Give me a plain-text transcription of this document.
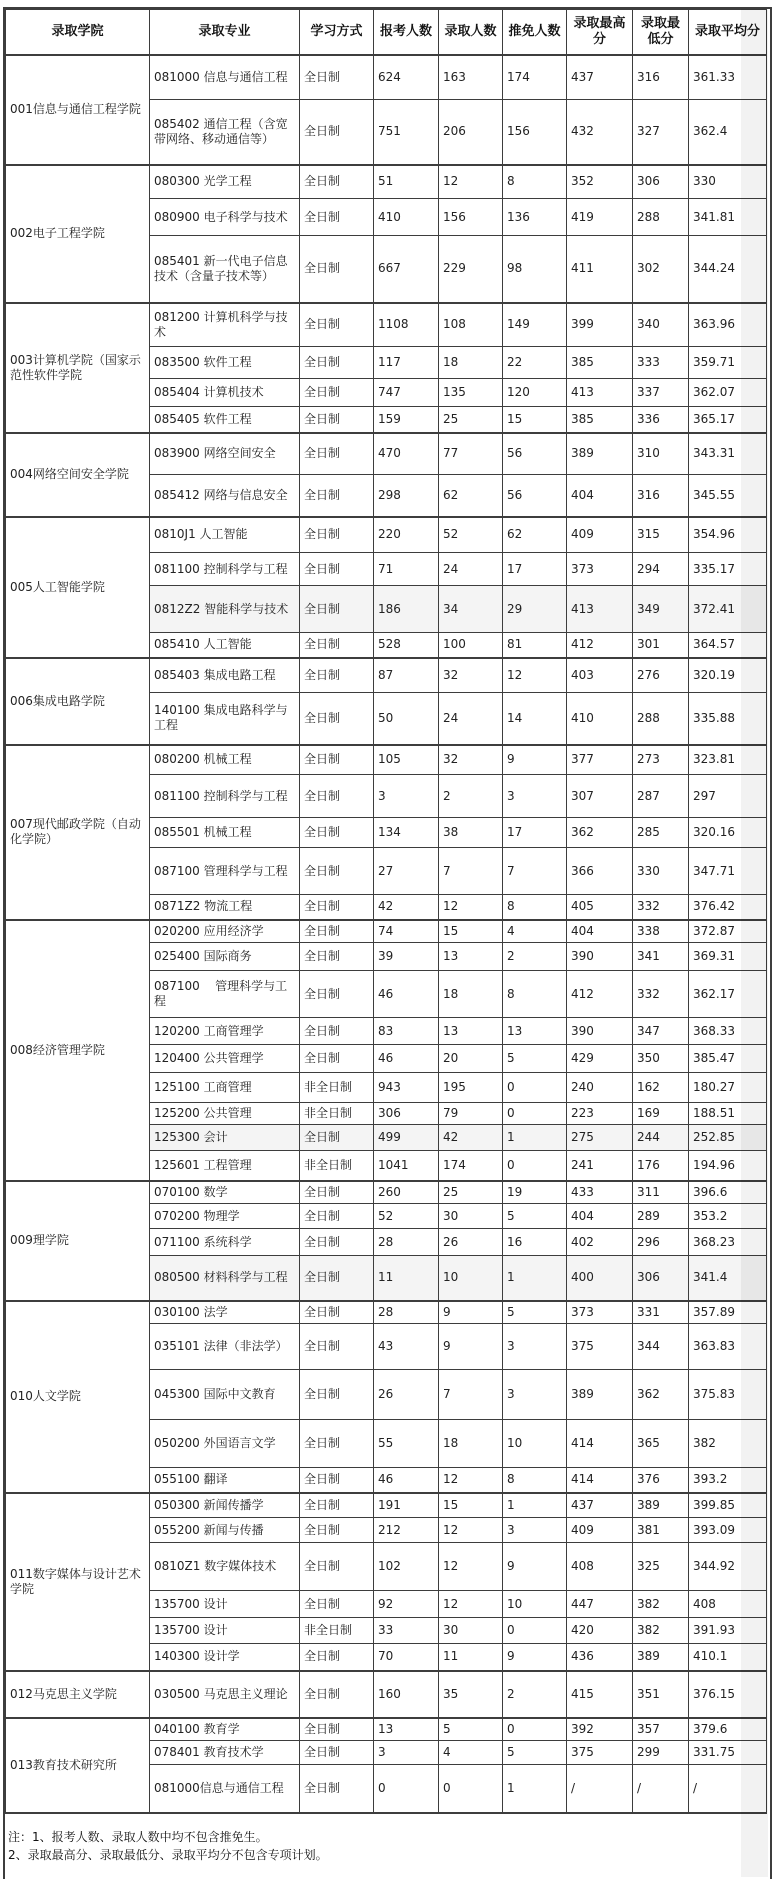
录取学院	录取专业	学习方式	报考人数	录取人数	推免人数	录取最高分	录取最低分	录取平均分
001信息与通信工程学院	081000 信息与通信工程	全日制	624	163	174	437	316	361.33
	085402 通信工程（含宽带网络、移动通信等）	全日制	751	206	156	432	327	362.4
002电子工程学院	080300 光学工程	全日制	51	12	8	352	306	330
	080900 电子科学与技术	全日制	410	156	136	419	288	341.81
	085401 新一代电子信息技术（含量子技术等）	全日制	667	229	98	411	302	344.24
003计算机学院（国家示范性软件学院	081200 计算机科学与技术	全日制	1108	108	149	399	340	363.96
	083500 软件工程	全日制	117	18	22	385	333	359.71
	085404 计算机技术	全日制	747	135	120	413	337	362.07
	085405 软件工程	全日制	159	25	15	385	336	365.17
004网络空间安全学院	083900 网络空间安全	全日制	470	77	56	389	310	343.31
	085412 网络与信息安全	全日制	298	62	56	404	316	345.55
005人工智能学院	0810J1 人工智能	全日制	220	52	62	409	315	354.96
	081100 控制科学与工程	全日制	71	24	17	373	294	335.17
	0812Z2 智能科学与技术	全日制	186	34	29	413	349	372.41
	085410 人工智能	全日制	528	100	81	412	301	364.57
006集成电路学院	085403 集成电路工程	全日制	87	32	12	403	276	320.19
	140100 集成电路科学与工程	全日制	50	24	14	410	288	335.88
007现代邮政学院（自动化学院）	080200 机械工程	全日制	105	32	9	377	273	323.81
	081100 控制科学与工程	全日制	3	2	3	307	287	297
	085501 机械工程	全日制	134	38	17	362	285	320.16
	087100 管理科学与工程	全日制	27	7	7	366	330	347.71
	0871Z2 物流工程	全日制	42	12	8	405	332	376.42
008经济管理学院	020200 应用经济学	全日制	74	15	4	404	338	372.87
	025400 国际商务	全日制	39	13	2	390	341	369.31
	087100    管理科学与工程	全日制	46	18	8	412	332	362.17
	120200 工商管理学	全日制	83	13	13	390	347	368.33
	120400 公共管理学	全日制	46	20	5	429	350	385.47
	125100 工商管理	非全日制	943	195	0	240	162	180.27
	125200 公共管理	非全日制	306	79	0	223	169	188.51
	125300 会计	全日制	499	42	1	275	244	252.85
	125601 工程管理	非全日制	1041	174	0	241	176	194.96
009理学院	070100 数学	全日制	260	25	19	433	311	396.6
	070200 物理学	全日制	52	30	5	404	289	353.2
	071100 系统科学	全日制	28	26	16	402	296	368.23
	080500 材料科学与工程	全日制	11	10	1	400	306	341.4
010人文学院	030100 法学	全日制	28	9	5	373	331	357.89
	035101 法律（非法学）	全日制	43	9	3	375	344	363.83
	045300 国际中文教育	全日制	26	7	3	389	362	375.83
	050200 外国语言文学	全日制	55	18	10	414	365	382
	055100 翻译	全日制	46	12	8	414	376	393.2
011数字媒体与设计艺术学院	050300 新闻传播学	全日制	191	15	1	437	389	399.85
	055200 新闻与传播	全日制	212	12	3	409	381	393.09
	0810Z1 数字媒体技术	全日制	102	12	9	408	325	344.92
	135700 设计	全日制	92	12	10	447	382	408
	135700 设计	非全日制	33	30	0	420	382	391.93
	140300 设计学	全日制	70	11	9	436	389	410.1
012马克思主义学院	030500 马克思主义理论	全日制	160	35	2	415	351	376.15
013教育技术研究所	040100 教育学	全日制	13	5	0	392	357	379.6
	078401 教育技术学	全日制	3	4	5	375	299	331.75
	081000信息与通信工程	全日制	0	0	1	/	/	/
注：1、报考人数、录取人数中均不包含推免生。
2、录取最高分、录取最低分、录取平均分不包含专项计划。
